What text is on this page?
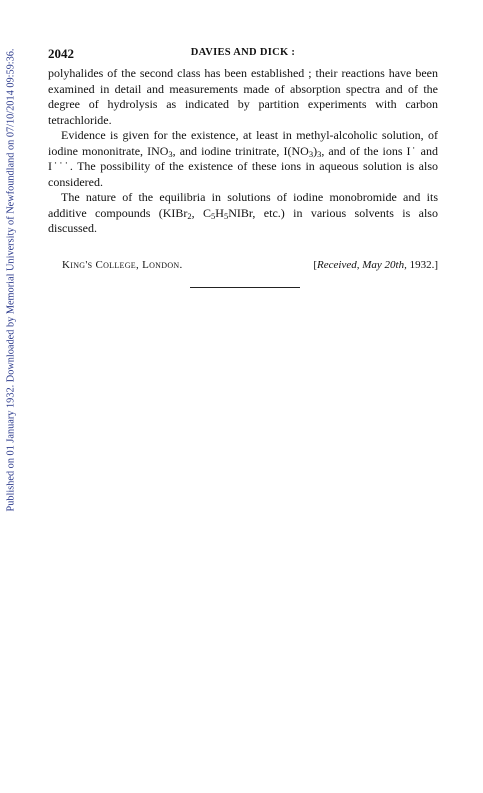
Published on 01 January 1932. Downloaded by Memorial University of Newfoundland on 07/10/2014 09:59:36. 2042	DAVIES AND DICK :

polyhalides of the second class has been established ; their reactions have been examined in detail and measurements made of absorption spectra and of the degree of hydrolysis as indicated by partition experiments with carbon tetrachloride.

Evidence is given for the existence, at least in methyl-alcoholic solution, of iodine mononitrate, $INO_3$, and iodine trinitrate, $I(NO_3)_3$, and of the ions I˙ and I˙˙˙. The possibility of the existence of these ions in aqueous solution is also considered.

The nature of the equilibria in solutions of iodine monobromide and its additive compounds (KIBr$_2$, $C_5H_5NIBr$, etc.) in various solvents is also discussed.

King's College, London.	[Received, May 20th, 1932.]
